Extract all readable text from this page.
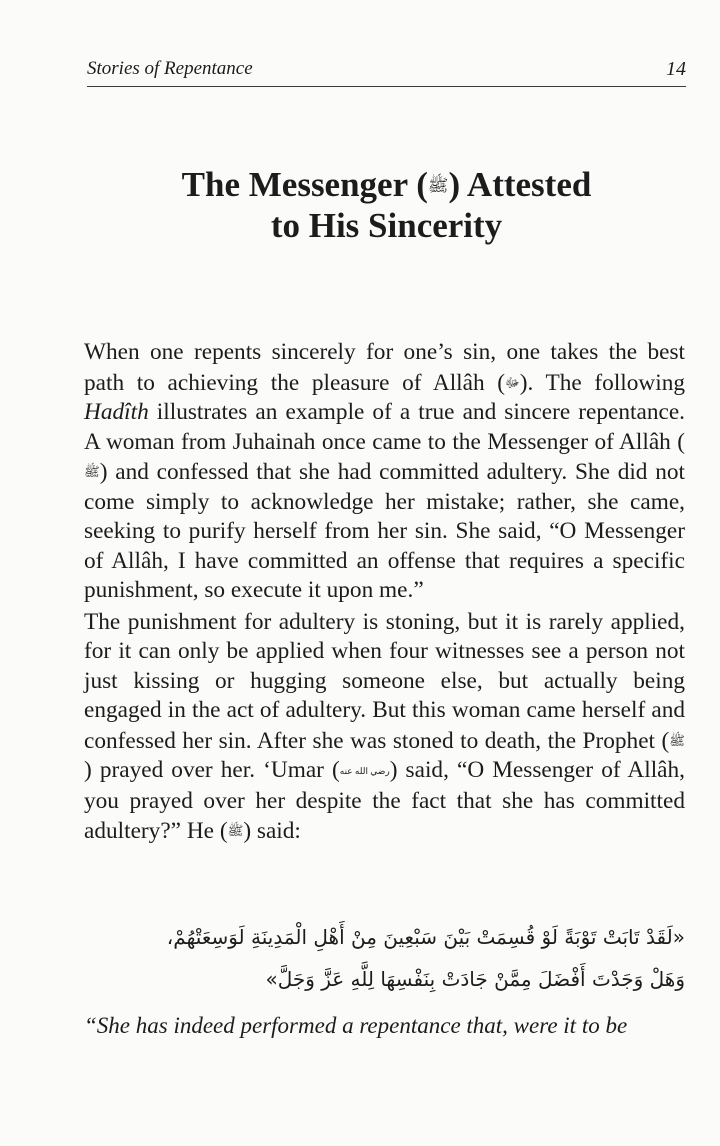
Stories of Repentance	14
The Messenger (ﷺ) Attested
to His Sincerity

When one repents sincerely for one’s sin, one takes the best path to achieving the pleasure of Allâh (ﷻ). The following Hadîth illustrates an example of a true and sincere repentance. A woman from Juhainah once came to the Messenger of Allâh (ﷺ) and confessed that she had committed adultery. She did not come simply to acknowledge her mistake; rather, she came, seeking to purify herself from her sin. She said, “O Messenger of Allâh, I have committed an offense that requires a specific punishment, so execute it upon me.”

The punishment for adultery is stoning, but it is rarely applied, for it can only be applied when four witnesses see a person not just kissing or hugging someone else, but actually being engaged in the act of adultery. But this woman came herself and confessed her sin. After she was stoned to death, the Prophet (ﷺ) prayed over her. ‘Umar (رضي الله عنه) said, “O Messenger of Allâh, you prayed over her despite the fact that she has committed adultery?” He (ﷺ) said:

«لَقَدْ تَابَتْ تَوْبَةً لَوْ قُسِمَتْ بَيْنَ سَبْعِينَ مِنْ أَهْلِ الْمَدِينَةِ لَوَسِعَتْهُمْ،
وَهَلْ وَجَدْتَ أَفْضَلَ مِمَّنْ جَادَتْ بِنَفْسِهَا لِلَّهِ عَزَّ وَجَلَّ»
“She has indeed performed a repentance that, were it to be
